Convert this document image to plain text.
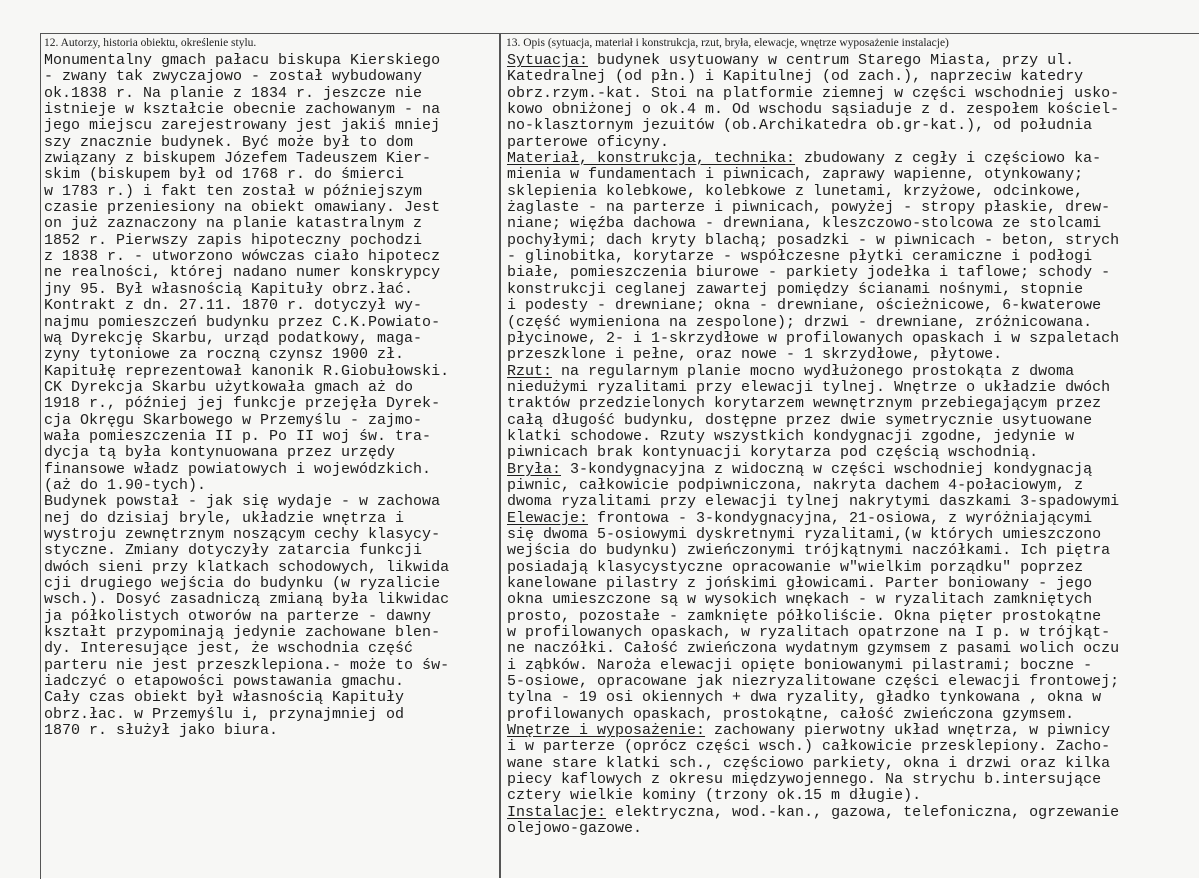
12. Autorzy, historia obiektu, określenie stylu.	13. Opis (sytuacja, materiał i konstrukcja, rzut, bryła, elewacje, wnętrze wyposażenie instalacje)
Monumentalny gmach pałacu biskupa Kierskiego
- zwany tak zwyczajowo - został wybudowany
ok.1838 r. Na planie z 1834 r. jeszcze nie
istnieje w kształcie obecnie zachowanym - na
jego miejscu zarejestrowany jest jakiś mniej
szy znacznie budynek. Być może był to dom
związany z biskupem Józefem Tadeuszem Kier-
skim (biskupem był od 1768 r. do śmierci
w 1783 r.) i fakt ten został w późniejszym
czasie przeniesiony na obiekt omawiany. Jest
on już zaznaczony na planie katastralnym z
1852 r. Pierwszy zapis hipoteczny pochodzi
z 1838 r. - utworzono wówczas ciało hipotecz
ne realności, której nadano numer konskrypcy
jny 95. Był własnością Kapituły obrz.łać.
Kontrakt z dn. 27.11. 1870 r. dotyczył wy-
najmu pomieszczeń budynku przez C.K.Powiato-
wą Dyrekcję Skarbu, urząd podatkowy, maga-
zyny tytoniowe za roczną czynsz 1900 zł.
Kapitułę reprezentował kanonik R.Giobułowski.
CK Dyrekcja Skarbu użytkowała gmach aż do
1918 r., później jej funkcje przejęła Dyrek-
cja Okręgu Skarbowego w Przemyślu - zajmo-
wała pomieszczenia II p. Po II woj św. tra-
dycja tą była kontynuowana przez urzędy
finansowe władz powiatowych i wojewódzkich.
(aż do 1.90-tych).
Budynek powstał - jak się wydaje - w zachowa
nej do dzisiaj bryle, układzie wnętrza i
wystroju zewnętrznym noszącym cechy klasycy-
styczne. Zmiany dotyczyły zatarcia funkcji
dwóch sieni przy klatkach schodowych, likwida
cji drugiego wejścia do budynku (w ryzalicie
wsch.). Dosyć zasadniczą zmianą była likwidac
ja półkolistych otworów na parterze - dawny
kształt przypominają jedynie zachowane blen-
dy. Interesujące jest, że wschodnia część
parteru nie jest przeszklepiona.- może to św-
iadczyć o etapowości powstawania gmachu.
Cały czas obiekt był własnością Kapituły
obrz.łac. w Przemyślu i, przynajmniej od
1870 r. służył jako biura.
Sytuacja: budynek usytuowany w centrum Starego Miasta, przy ul.
Katedralnej (od płn.) i Kapitulnej (od zach.), naprzeciw katedry
obrz.rzym.-kat. Stoi na platformie ziemnej w części wschodniej usko-
kowo obniżonej o ok.4 m. Od wschodu sąsiaduje z d. zespołem kościel-
no-klasztornym jezuitów (ob.Archikatedra ob.gr-kat.), od południa
parterowe oficyny.
Materiał, konstrukcja, technika: zbudowany z cegły i częściowo ka-
mienia w fundamentach i piwnicach, zaprawy wapienne, otynkowany;
sklepienia kolebkowe, kolebkowe z lunetami, krzyżowe, odcinkowe,
żaglaste - na parterze i piwnicach, powyżej - stropy płaskie, drew-
niane; więźba dachowa - drewniana, kleszczowo-stolcowa ze stolcami
pochyłymi; dach kryty blachą; posadzki - w piwnicach - beton, strych
- glinobitka, korytarze - współczesne płytki ceramiczne i podłogi
białe, pomieszczenia biurowe - parkiety jodełka i taflowe; schody -
konstrukcji ceglanej zawartej pomiędzy ścianami nośnymi, stopnie
i podesty - drewniane; okna - drewniane, ościeżnicowe, 6-kwaterowe
(część wymieniona na zespolone); drzwi - drewniane, zróżnicowana.
płycinowe, 2- i 1-skrzydłowe w profilowanych opaskach i w szpaletach
przeszklone i pełne, oraz nowe - 1 skrzydłowe, płytowe.
Rzut: na regularnym planie mocno wydłużonego prostokąta z dwoma
niedużymi ryzalitami przy elewacji tylnej. Wnętrze o układzie dwóch
traktów przedzielonych korytarzem wewnętrznym przebiegającym przez
całą długość budynku, dostępne przez dwie symetrycznie usytuowane
klatki schodowe. Rzuty wszystkich kondygnacji zgodne, jedynie w
piwnicach brak kontynuacji korytarza pod częścią wschodnią.
Bryła: 3-kondygnacyjna z widoczną w części wschodniej kondygnacją
piwnic, całkowicie podpiwniczona, nakryta dachem 4-połaciowym, z
dwoma ryzalitami przy elewacji tylnej nakrytymi daszkami 3-spadowymi
Elewacje: frontowa - 3-kondygnacyjna, 21-osiowa, z wyróżniającymi
się dwoma 5-osiowymi dyskretnymi ryzalitami,(w których umieszczono
wejścia do budynku) zwieńczonymi trójkątnymi naczółkami. Ich piętra
posiadają klasycystyczne opracowanie w"wielkim porządku" poprzez
kanelowane pilastry z jońskimi głowicami. Parter boniowany - jego
okna umieszczone są w wysokich wnękach - w ryzalitach zamkniętych
prosto, pozostałe - zamknięte półkoliście. Okna pięter prostokątne
w profilowanych opaskach, w ryzalitach opatrzone na I p. w trójkąt-
ne naczółki. Całość zwieńczona wydatnym gzymsem z pasami wolich oczu
i ząbków. Naroża elewacji opięte boniowanymi pilastrami; boczne -
5-osiowe, opracowane jak niezryzalitowane części elewacji frontowej;
tylna - 19 osi okiennych + dwa ryzality, gładko tynkowana , okna w
profilowanych opaskach, prostokątne, całość zwieńczona gzymsem.
Wnętrze i wyposażenie: zachowany pierwotny układ wnętrza, w piwnicy
i w parterze (oprócz części wsch.) całkowicie przesklepiony. Zacho-
wane stare klatki sch., częściowo parkiety, okna i drzwi oraz kilka
piecy kaflowych z okresu międzywojennego. Na strychu b.intersujące
cztery wielkie kominy (trzony ok.15 m długie).
Instalacje: elektryczna, wod.-kan., gazowa, telefoniczna, ogrzewanie
olejowo-gazowe.
